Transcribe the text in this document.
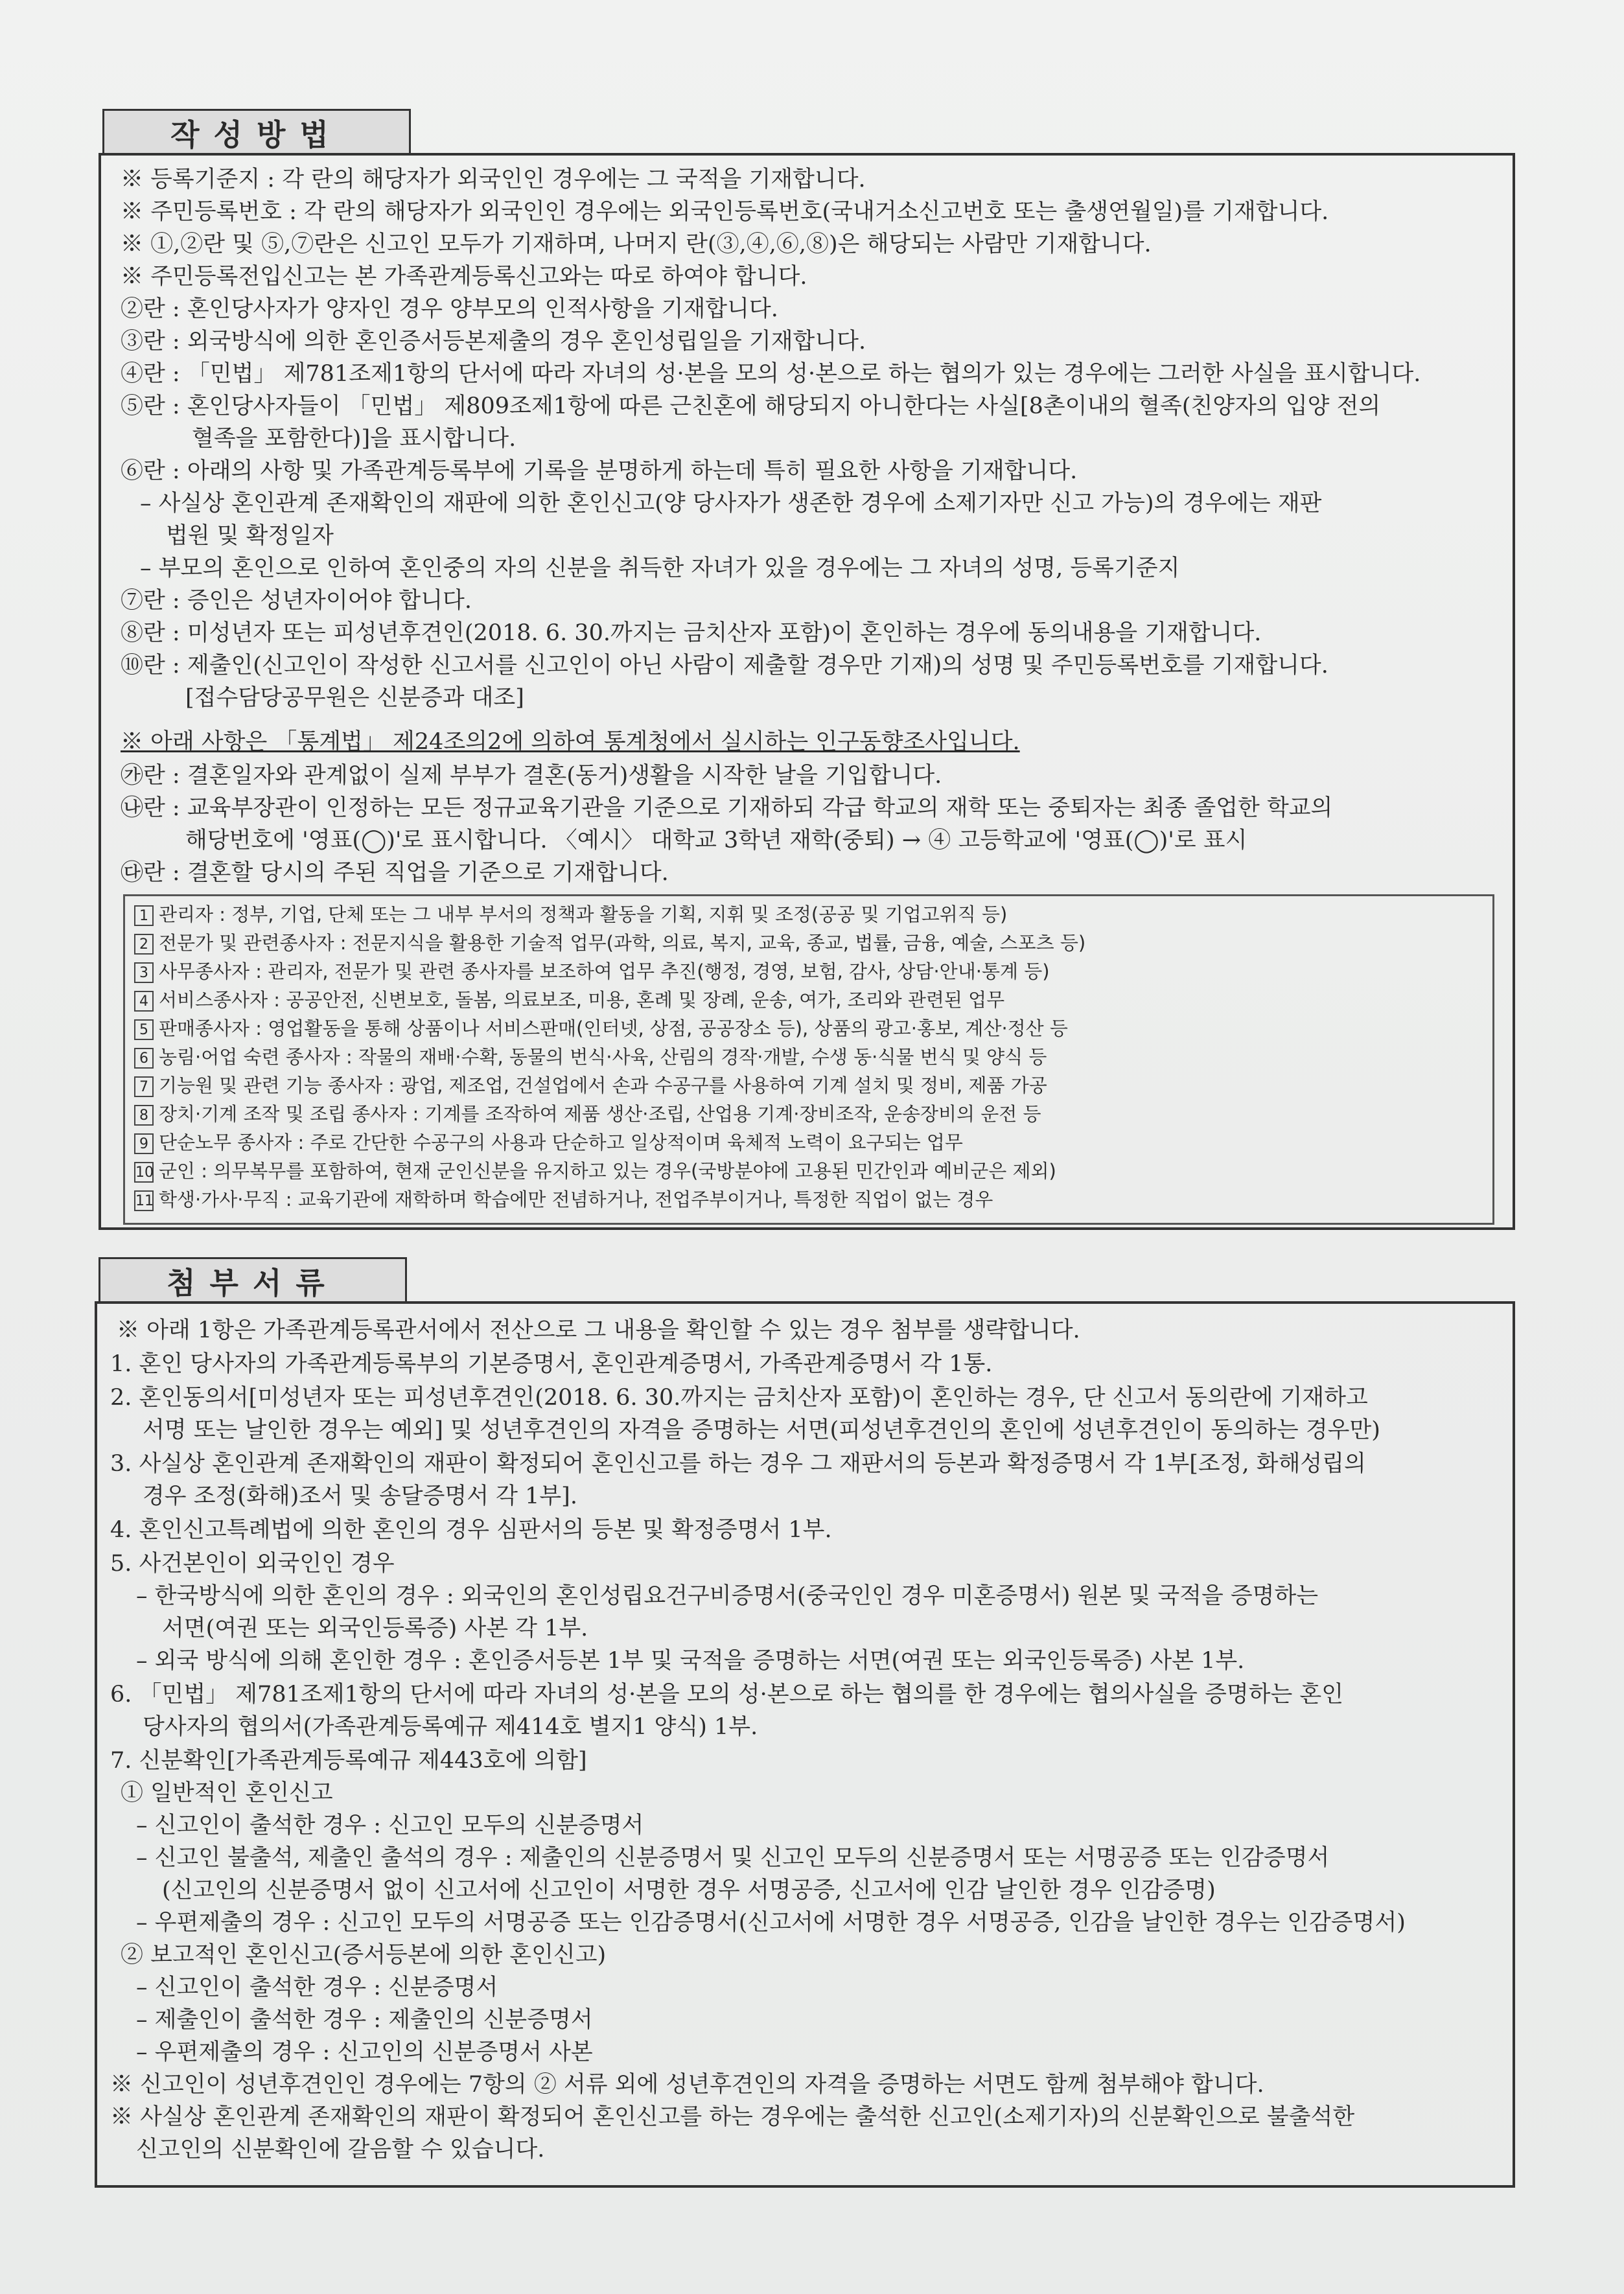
작성방법
※ 등록기준지 : 각 란의 해당자가 외국인인 경우에는 그 국적을 기재합니다.
※ 주민등록번호 : 각 란의 해당자가 외국인인 경우에는 외국인등록번호(국내거소신고번호 또는 출생연월일)를 기재합니다.
※ ①,②란 및 ⑤,⑦란은 신고인 모두가 기재하며, 나머지 란(③,④,⑥,⑧)은 해당되는 사람만 기재합니다.
※ 주민등록전입신고는 본 가족관계등록신고와는 따로 하여야 합니다.
②란 : 혼인당사자가 양자인 경우 양부모의 인적사항을 기재합니다.
③란 : 외국방식에 의한 혼인증서등본제출의 경우 혼인성립일을 기재합니다.
④란 : 「민법」 제781조제1항의 단서에 따라 자녀의 성·본을 모의 성·본으로 하는 협의가 있는 경우에는 그러한 사실을 표시합니다.
⑤란 : 혼인당사자들이 「민법」 제809조제1항에 따른 근친혼에 해당되지 아니한다는 사실[8촌이내의 혈족(친양자의 입양 전의
혈족을 포함한다)]을 표시합니다.
⑥란 : 아래의 사항 및 가족관계등록부에 기록을 분명하게 하는데 특히 필요한 사항을 기재합니다.
– 사실상 혼인관계 존재확인의 재판에 의한 혼인신고(양 당사자가 생존한 경우에 소제기자만 신고 가능)의 경우에는 재판
법원 및 확정일자
– 부모의 혼인으로 인하여 혼인중의 자의 신분을 취득한 자녀가 있을 경우에는 그 자녀의 성명, 등록기준지
⑦란 : 증인은 성년자이어야 합니다.
⑧란 : 미성년자 또는 피성년후견인(2018. 6. 30.까지는 금치산자 포함)이 혼인하는 경우에 동의내용을 기재합니다.
⑩란 : 제출인(신고인이 작성한 신고서를 신고인이 아닌 사람이 제출할 경우만 기재)의 성명 및 주민등록번호를 기재합니다.
[접수담당공무원은 신분증과 대조]
※ 아래 사항은 「통계법」 제24조의2에 의하여 통계청에서 실시하는 인구동향조사입니다.
㉮란 : 결혼일자와 관계없이 실제 부부가 결혼(동거)생활을 시작한 날을 기입합니다.
㉯란 : 교육부장관이 인정하는 모든 정규교육기관을 기준으로 기재하되 각급 학교의 재학 또는 중퇴자는 최종 졸업한 학교의
해당번호에 '영표(◯)'로 표시합니다. 〈예시〉 대학교 3학년 재학(중퇴) → ④ 고등학교에 '영표(◯)'로 표시
㉰란 : 결혼할 당시의 주된 직업을 기준으로 기재합니다.
1 관리자 : 정부, 기업, 단체 또는 그 내부 부서의 정책과 활동을 기획, 지휘 및 조정(공공 및 기업고위직 등)
2 전문가 및 관련종사자 : 전문지식을 활용한 기술적 업무(과학, 의료, 복지, 교육, 종교, 법률, 금융, 예술, 스포츠 등)
3 사무종사자 : 관리자, 전문가 및 관련 종사자를 보조하여 업무 추진(행정, 경영, 보험, 감사, 상담·안내·통계 등)
4 서비스종사자 : 공공안전, 신변보호, 돌봄, 의료보조, 미용, 혼례 및 장례, 운송, 여가, 조리와 관련된 업무
5 판매종사자 : 영업활동을 통해 상품이나 서비스판매(인터넷, 상점, 공공장소 등), 상품의 광고·홍보, 계산·정산 등
6 농림·어업 숙련 종사자 : 작물의 재배·수확, 동물의 번식·사육, 산림의 경작·개발, 수생 동·식물 번식 및 양식 등
7 기능원 및 관련 기능 종사자 : 광업, 제조업, 건설업에서 손과 수공구를 사용하여 기계 설치 및 정비, 제품 가공
8 장치·기계 조작 및 조립 종사자 : 기계를 조작하여 제품 생산·조립, 산업용 기계·장비조작, 운송장비의 운전 등
9 단순노무 종사자 : 주로 간단한 수공구의 사용과 단순하고 일상적이며 육체적 노력이 요구되는 업무
10 군인 : 의무복무를 포함하여, 현재 군인신분을 유지하고 있는 경우(국방분야에 고용된 민간인과 예비군은 제외)
11 학생·가사·무직 : 교육기관에 재학하며 학습에만 전념하거나, 전업주부이거나, 특정한 직업이 없는 경우
첨부서류
※ 아래 1항은 가족관계등록관서에서 전산으로 그 내용을 확인할 수 있는 경우 첨부를 생략합니다.
1. 혼인 당사자의 가족관계등록부의 기본증명서, 혼인관계증명서, 가족관계증명서 각 1통.
2. 혼인동의서[미성년자 또는 피성년후견인(2018. 6. 30.까지는 금치산자 포함)이 혼인하는 경우, 단 신고서 동의란에 기재하고
서명 또는 날인한 경우는 예외] 및 성년후견인의 자격을 증명하는 서면(피성년후견인의 혼인에 성년후견인이 동의하는 경우만)
3. 사실상 혼인관계 존재확인의 재판이 확정되어 혼인신고를 하는 경우 그 재판서의 등본과 확정증명서 각 1부[조정, 화해성립의
경우 조정(화해)조서 및 송달증명서 각 1부].
4. 혼인신고특례법에 의한 혼인의 경우 심판서의 등본 및 확정증명서 1부.
5. 사건본인이 외국인인 경우
– 한국방식에 의한 혼인의 경우 : 외국인의 혼인성립요건구비증명서(중국인인 경우 미혼증명서) 원본 및 국적을 증명하는
서면(여권 또는 외국인등록증) 사본 각 1부.
– 외국 방식에 의해 혼인한 경우 : 혼인증서등본 1부 및 국적을 증명하는 서면(여권 또는 외국인등록증) 사본 1부.
6. 「민법」 제781조제1항의 단서에 따라 자녀의 성·본을 모의 성·본으로 하는 협의를 한 경우에는 협의사실을 증명하는 혼인
당사자의 협의서(가족관계등록예규 제414호 별지1 양식) 1부.
7. 신분확인[가족관계등록예규 제443호에 의함]
① 일반적인 혼인신고
– 신고인이 출석한 경우 : 신고인 모두의 신분증명서
– 신고인 불출석, 제출인 출석의 경우 : 제출인의 신분증명서 및 신고인 모두의 신분증명서 또는 서명공증 또는 인감증명서
(신고인의 신분증명서 없이 신고서에 신고인이 서명한 경우 서명공증, 신고서에 인감 날인한 경우 인감증명)
– 우편제출의 경우 : 신고인 모두의 서명공증 또는 인감증명서(신고서에 서명한 경우 서명공증, 인감을 날인한 경우는 인감증명서)
② 보고적인 혼인신고(증서등본에 의한 혼인신고)
– 신고인이 출석한 경우 : 신분증명서
– 제출인이 출석한 경우 : 제출인의 신분증명서
– 우편제출의 경우 : 신고인의 신분증명서 사본
※ 신고인이 성년후견인인 경우에는 7항의 ② 서류 외에 성년후견인의 자격을 증명하는 서면도 함께 첨부해야 합니다.
※ 사실상 혼인관계 존재확인의 재판이 확정되어 혼인신고를 하는 경우에는 출석한 신고인(소제기자)의 신분확인으로 불출석한
신고인의 신분확인에 갈음할 수 있습니다.
